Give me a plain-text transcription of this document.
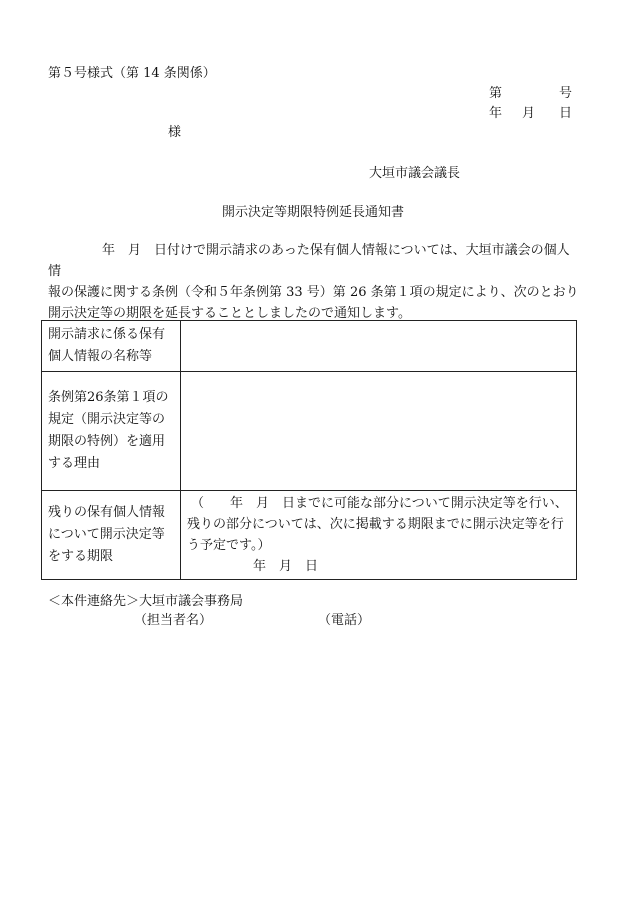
第５号様式（第 14 条関係）
第	号
年 月 日
様
大垣市議会議長
開示決定等期限特例延長通知書
年　月　日付けで開示請求のあった保有個人情報については、大垣市議会の個人情
報の保護に関する条例（令和５年条例第 33 号）第 26 条第１項の規定により、次のとおり
開示決定等の期限を延長することとしましたので通知します。
開示請求に係る保有
個人情報の名称等	

条例第26条第１項の
規定（開示決定等の
期限の特例）を適用
する理由	

残りの保有個人情報
について開示決定等
をする期限	（　　年　月　日までに可能な部分について開示決定等を行い、
残りの部分については、次に掲載する期限までに開示決定等を行
う予定です。）
年　月　日
＜本件連絡先＞大垣市議会事務局
（担当者名）	（電話）
